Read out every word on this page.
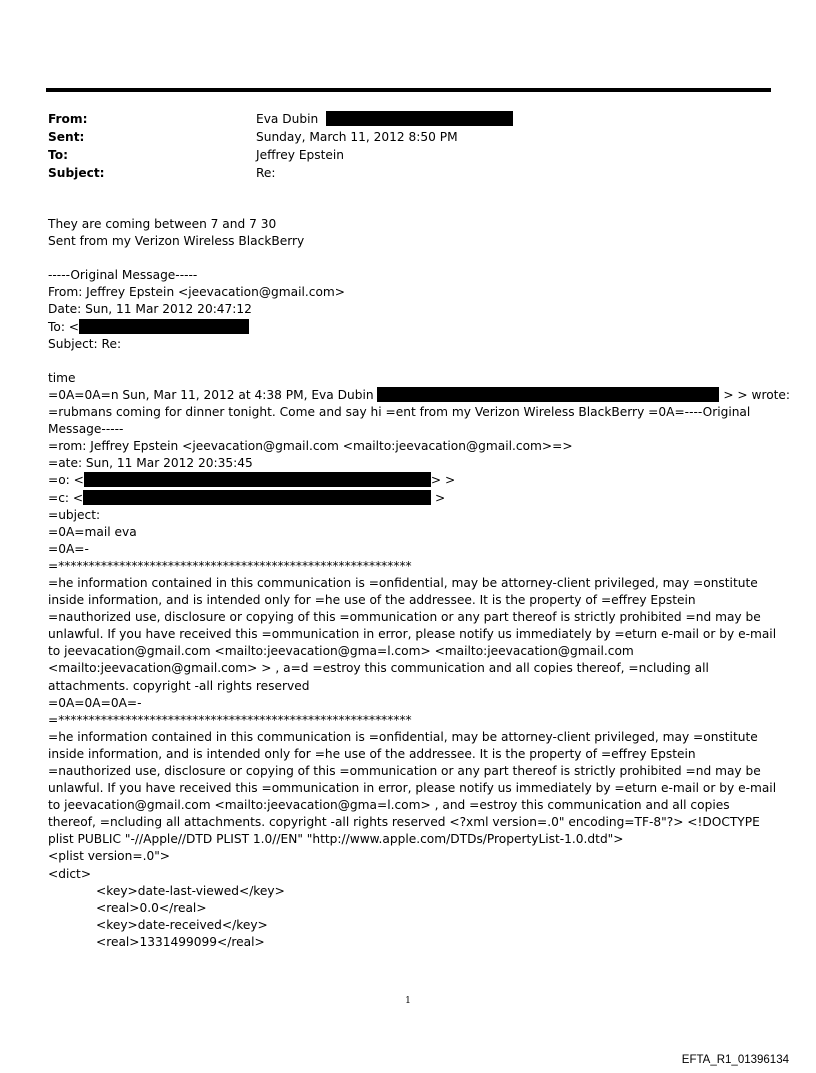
From:	Eva Dubin
Sent:	Sunday, March 11, 2012 8:50 PM
To:	Jeffrey Epstein
Subject:	Re:
They are coming between 7 and 7 30
Sent from my Verizon Wireless BlackBerry
-----Original Message-----
From: Jeffrey Epstein <jeevacation@gmail.com>
Date: Sun, 11 Mar 2012 20:47:12
To: <
Subject: Re:
time
=0A=0A=n Sun, Mar 11, 2012 at 4:38 PM, Eva Dubin	> > wrote:
=rubmans coming for dinner tonight. Come and say hi =ent from my Verizon Wireless BlackBerry =0A=----Original Message-----
=rom: Jeffrey Epstein <jeevacation@gmail.com <mailto:jeevacation@gmail.com>=>
=ate: Sun, 11 Mar 2012 20:35:45
=o: <	> >
=c: <	>
=ubject:
=0A=mail eva
=0A=-
=**********************************************************
=he information contained in this communication is =onfidential, may be attorney-client privileged, may =onstitute inside information, and is intended only for =he use of the addressee. It is the property of =effrey Epstein =nauthorized use, disclosure or copying of this =ommunication or any part thereof is strictly prohibited =nd may be unlawful. If you have received this =ommunication in error, please notify us immediately by =eturn e-mail or by e-mail to jeevacation@gmail.com <mailto:jeevacation@gma=l.com> <mailto:jeevacation@gmail.com <mailto:jeevacation@gmail.com> > , a=d =estroy this communication and all copies thereof, =ncluding all attachments. copyright -all rights reserved
=0A=0A=0A=-
=**********************************************************
=he information contained in this communication is =onfidential, may be attorney-client privileged, may =onstitute inside information, and is intended only for =he use of the addressee. It is the property of =effrey Epstein =nauthorized use, disclosure or copying of this =ommunication or any part thereof is strictly prohibited =nd may be unlawful. If you have received this =ommunication in error, please notify us immediately by =eturn e-mail or by e-mail to jeevacation@gmail.com <mailto:jeevacation@gma=l.com> , and =estroy this communication and all copies thereof, =ncluding all attachments. copyright -all rights reserved <?xml version=.0" encoding=TF-8"?> <!DOCTYPE plist PUBLIC "-//Apple//DTD PLIST 1.0//EN" "http://www.apple.com/DTDs/PropertyList-1.0.dtd">
<plist version=.0">
<dict>
<key>date-last-viewed</key>
<real>0.0</real>
<key>date-received</key>
<real>1331499099</real>
1
EFTA_R1_01396134
